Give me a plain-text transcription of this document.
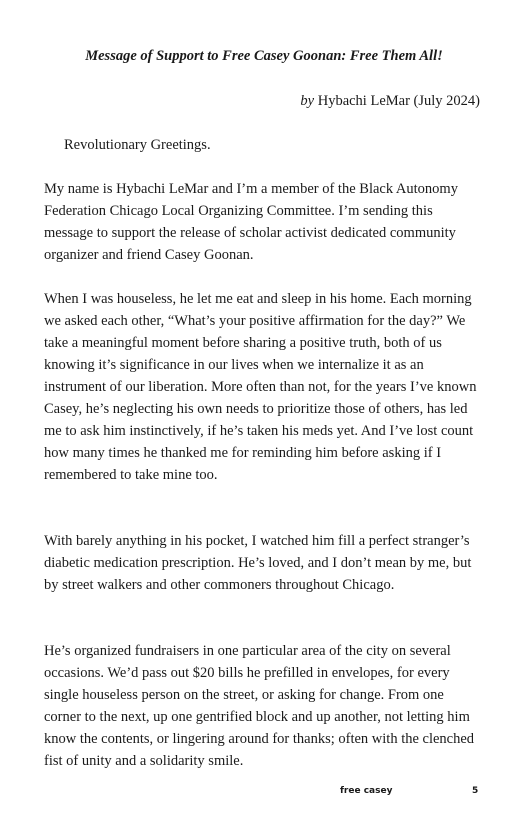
Message of Support to Free Casey Goonan: Free Them All!
by Hybachi LeMar (July 2024)
Revolutionary Greetings.

My name is Hybachi LeMar and I’m a member of the Black Autonomy Federation Chicago Local Organizing Committee. I’m sending this message to support the release of scholar activist dedicated community organizer and friend Casey Goonan.

When I was houseless, he let me eat and sleep in his home. Each morning we asked each other, “What’s your positive affirmation for the day?” We take a meaningful moment before sharing a positive truth, both of us knowing it’s significance in our lives when we internalize it as an instrument of our liberation. More often than not, for the years I’ve known Casey, he’s neglecting his own needs to prioritize those of others, has led me to ask him instinctively, if he’s taken his meds yet. And I’ve lost count how many times he thanked me for reminding him before asking if I remembered to take mine too.

With barely anything in his pocket, I watched him fill a perfect stranger’s diabetic medication prescription. He’s loved, and I don’t mean by me, but by street walkers and other commoners throughout Chicago.

He’s organized fundraisers in one particular area of the city on several occasions. We’d pass out $20 bills he prefilled in envelopes, for every single houseless person on the street, or asking for change. From one corner to the next, up one gentrified block and up another, not letting him know the contents, or lingering around for thanks; often with the clenched fist of unity and a solidarity smile.

free casey	5
